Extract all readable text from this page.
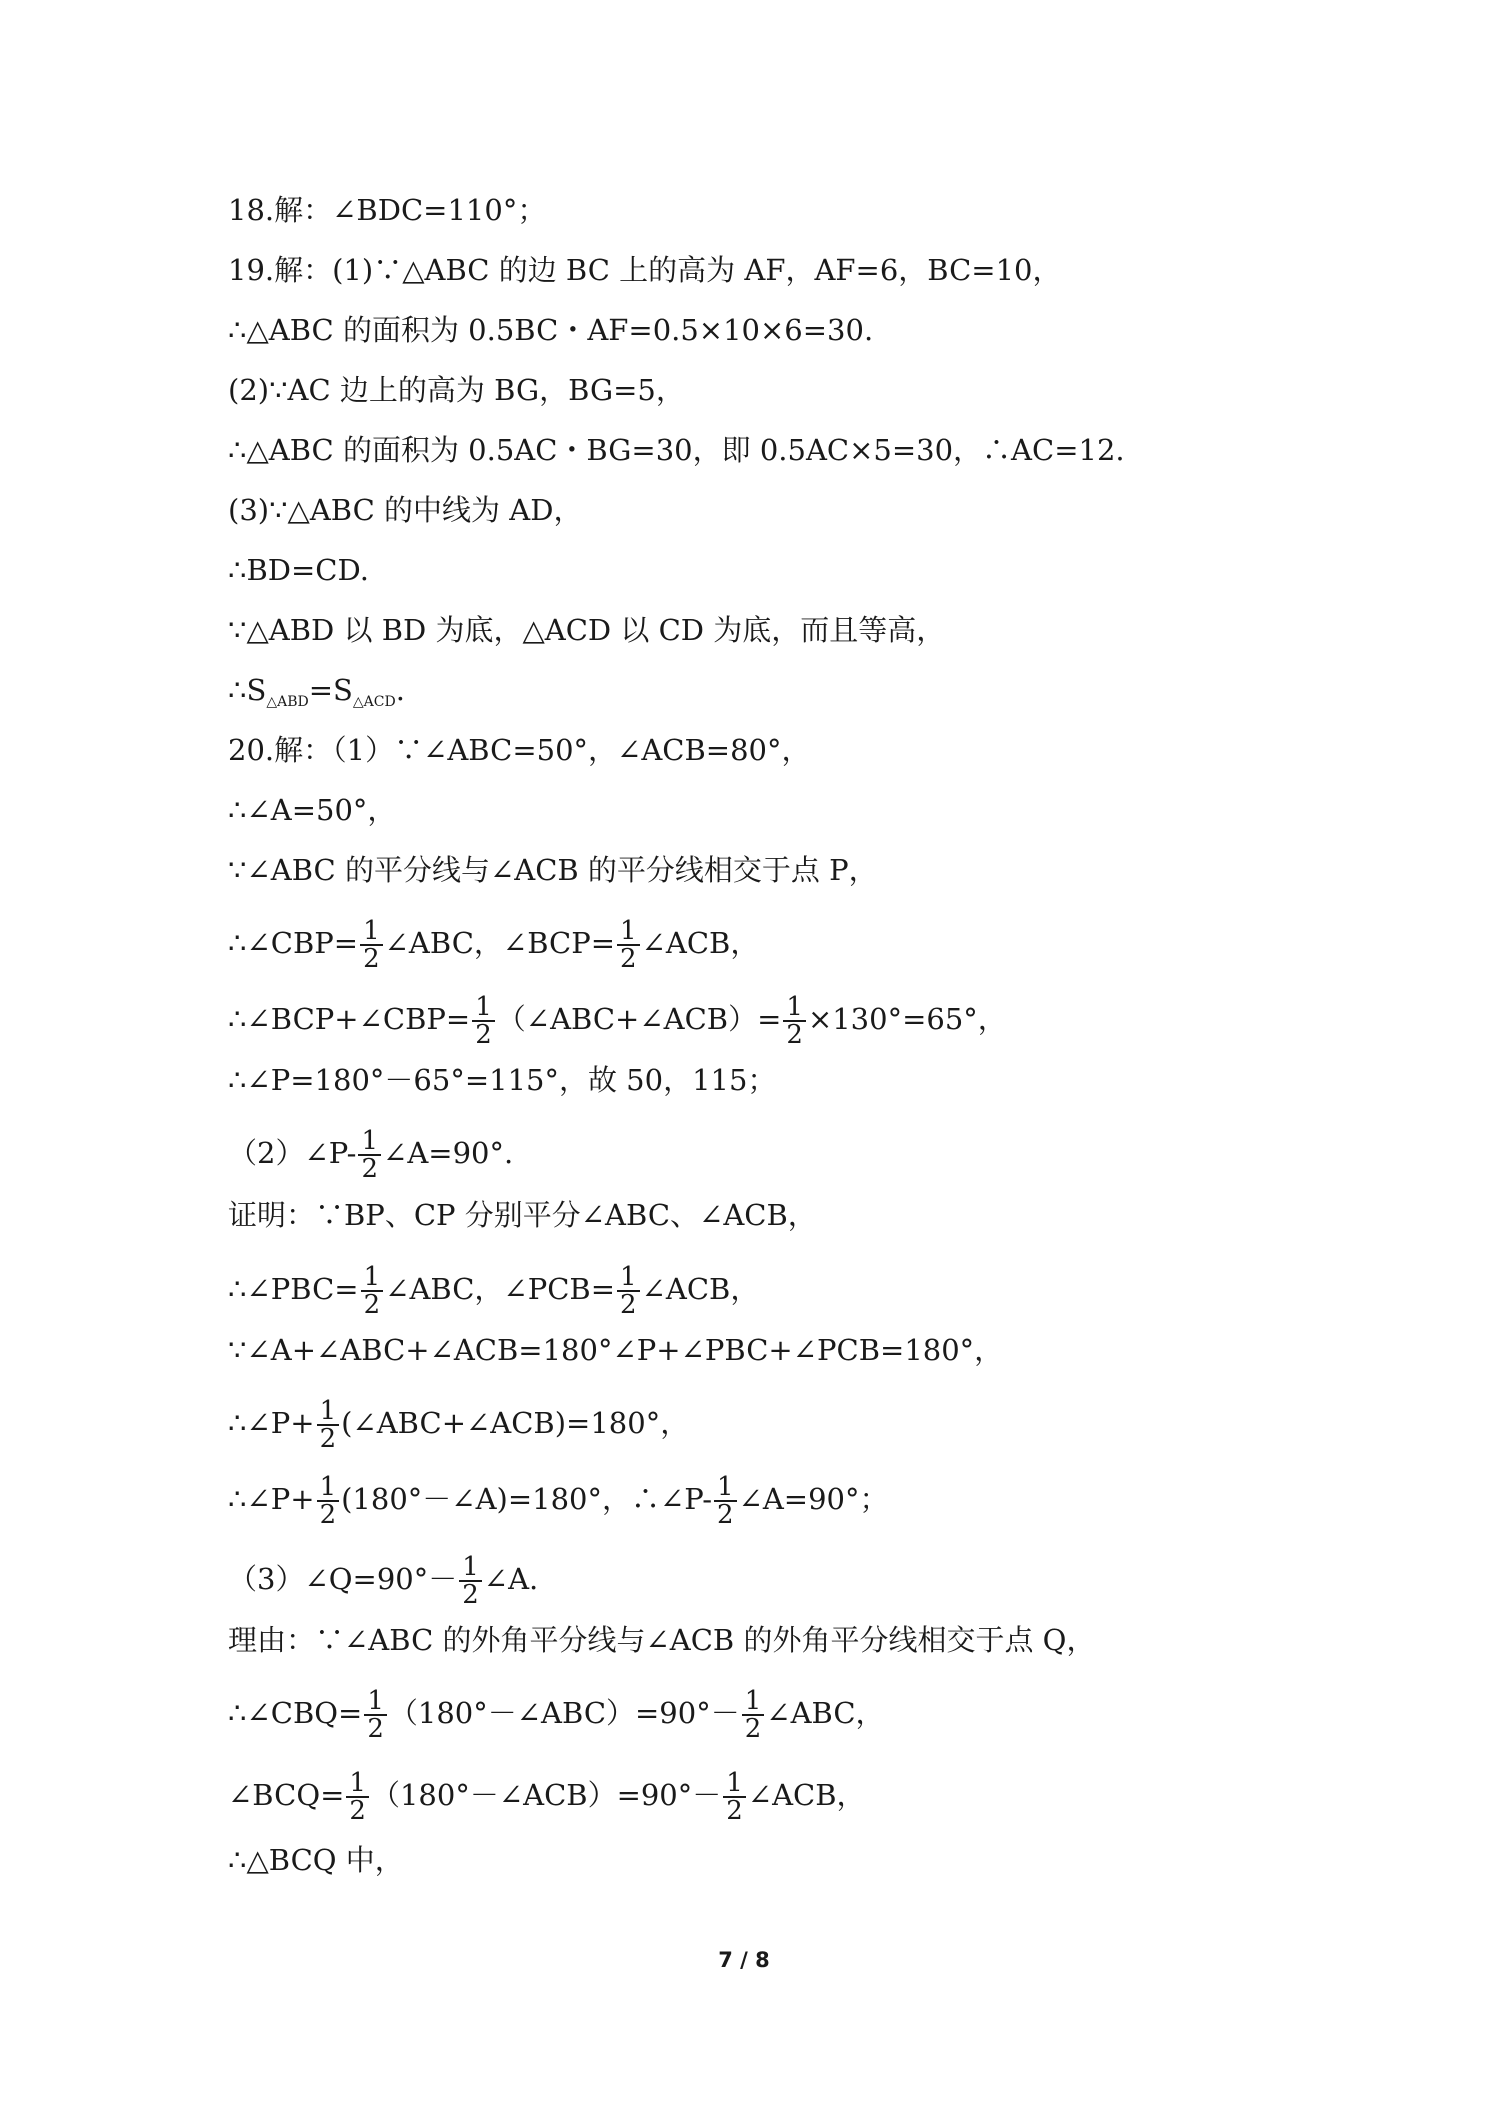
18.解：∠BDC=110°；
19.解：(1)∵△ABC 的边 BC 上的高为 AF，AF=6，BC=10，
∴△ABC 的面积为 0.5BC・AF=0.5×10×6=30.
(2)∵AC 边上的高为 BG，BG=5，
∴△ABC 的面积为 0.5AC・BG=30，即 0.5AC×5=30，∴AC=12.
(3)∵△ABC 的中线为 AD，
∴BD=CD.
∵△ABD 以 BD 为底，△ACD 以 CD 为底，而且等高，
$\therefore S_{\triangle ABD}=S_{\triangle ACD}$.
20.解：（1）∵∠ABC=50°，∠ACB=80°，
∴∠A=50°，
∵∠ABC 的平分线与∠ACB 的平分线相交于点 P，
∴∠CBP= $\frac{1}{2}$ ∠ABC，∠BCP= $\frac{1}{2}$ ∠ACB，
∴∠BCP+∠CBP= $\frac{1}{2}$ （∠ABC+∠ACB）= $\frac{1}{2} \times 130^\circ=65^\circ$，
∴∠P=180°－65°=115°，故 50，115；
（2）∠P- $\frac{1}{2}$ ∠A=90°.
证明：∵BP、CP 分别平分∠ABC、∠ACB，
∴∠PBC= $\frac{1}{2}$ ∠ABC，∠PCB= $\frac{1}{2}$ ∠ACB，
∵∠A+∠ABC+∠ACB=180°∠P+∠PBC+∠PCB=180°，
∴∠P+ $\frac{1}{2}$ (∠ABC+∠ACB)=180°，
∴∠P+ $\frac{1}{2}$ (180°－∠A)=180°，∴∠P- $\frac{1}{2}$ ∠A=90°；
（3）∠Q=90°－ $\frac{1}{2}$ ∠A.
理由：∵∠ABC 的外角平分线与∠ACB 的外角平分线相交于点 Q，
∴∠CBQ= $\frac{1}{2}$ （180°－∠ABC）=90°－ $\frac{1}{2}$ ∠ABC，
∠BCQ= $\frac{1}{2}$ （180°－∠ACB）=90°－ $\frac{1}{2}$ ∠ACB，
∴△BCQ 中，
7 / 8
